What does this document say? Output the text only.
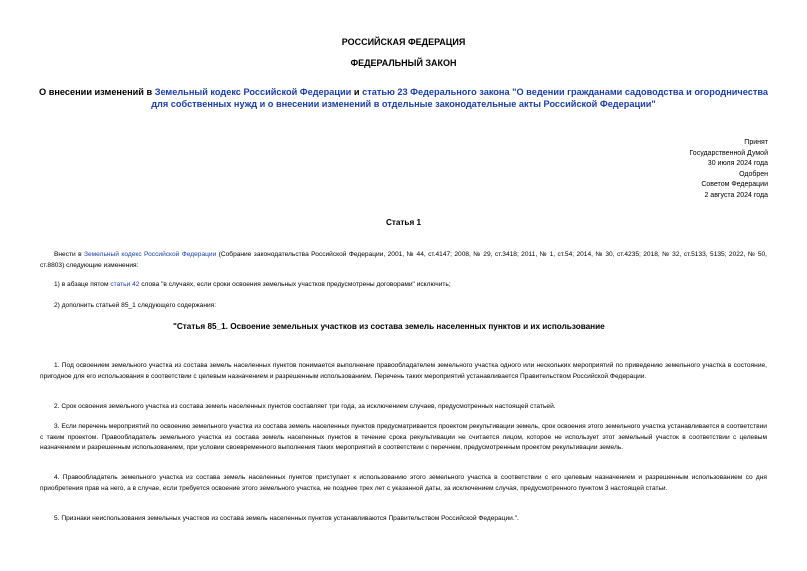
РОССИЙСКАЯ ФЕДЕРАЦИЯ
ФЕДЕРАЛЬНЫЙ ЗАКОН
О внесении изменений в Земельный кодекс Российской Федерации и статью 23 Федерального закона "О ведении гражданами садоводства и огородничества для собственных нужд и о внесении изменений в отдельные законодательные акты Российской Федерации"
Принят
Государственной Думой
30 июля 2024 года
Одобрен
Советом Федерации
2 августа 2024 года
Статья 1
Внести в Земельный кодекс Российской Федерации (Собрание законодательства Российской Федерации, 2001, № 44, ст.4147; 2008, № 29, ст.3418; 2011, № 1, ст.54; 2014, № 30, ст.4235; 2018, № 32, ст.5133, 5135; 2022, № 50, ст.8803) следующие изменения:
1) в абзаце пятом статьи 42 слова "в случаях, если сроки освоения земельных участков предусмотрены договорами" исключить;
2) дополнить статьей 85_1 следующего содержания:
"Статья 85_1. Освоение земельных участков из состава земель населенных пунктов и их использование
1. Под освоением земельного участка из состава земель населенных пунктов понимается выполнение правообладателем земельного участка одного или нескольких мероприятий по приведению земельного участка в состояние, пригодное для его использования в соответствии с целевым назначением и разрешенным использованием. Перечень таких мероприятий устанавливается Правительством Российской Федерации.
2. Срок освоения земельного участка из состава земель населенных пунктов составляет три года, за исключением случаев, предусмотренных настоящей статьей.
3. Если перечень мероприятий по освоению земельного участка из состава земель населенных пунктов предусматривается проектом рекультивации земель, срок освоения этого земельного участка устанавливается в соответствии с таким проектом. Правообладатель земельного участка из состава земель населенных пунктов в течение срока рекультивации не считается лицом, которое не использует этот земельный участок в соответствии с целевым назначением и разрешенным использованием, при условии своевременного выполнения таких мероприятий в соответствии с перечнем, предусмотренным проектом рекультивации земель.
4. Правообладатель земельного участка из состава земель населенных пунктов приступает к использованию этого земельного участка в соответствии с его целевым назначением и разрешенным использованием со дня приобретения прав на него, а в случае, если требуется освоение этого земельного участка, не позднее трех лет с указанной даты, за исключением случая, предусмотренного пунктом 3 настоящей статьи.
5. Признаки неиспользования земельных участков из состава земель населенных пунктов устанавливаются Правительством Российской Федерации.".
